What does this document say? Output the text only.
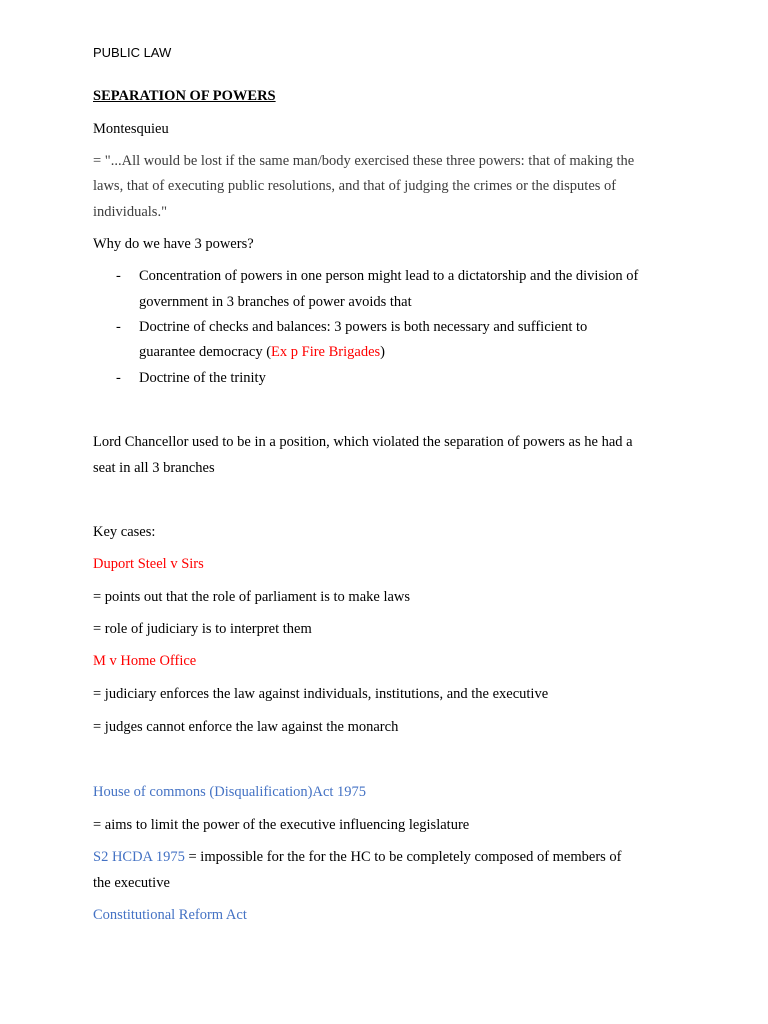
PUBLIC LAW
SEPARATION OF POWERS
Montesquieu
= "...All would be lost if the same man/body exercised these three powers: that of making the
laws, that of executing public resolutions, and that of judging the crimes or the disputes of
individuals."
Why do we have 3 powers?
- Concentration of powers in one person might lead to a dictatorship and the division of
government in 3 branches of power avoids that
- Doctrine of checks and balances: 3 powers is both necessary and sufficient to
guarantee democracy (Ex p Fire Brigades)
- Doctrine of the trinity
Lord Chancellor used to be in a position, which violated the separation of powers as he had a
seat in all 3 branches
Key cases:
Duport Steel v Sirs
= points out that the role of parliament is to make laws
= role of judiciary is to interpret them
M v Home Office
= judiciary enforces the law against individuals, institutions, and the executive
= judges cannot enforce the law against the monarch
House of commons (Disqualification)Act 1975
= aims to limit the power of the executive influencing legislature
S2 HCDA 1975 = impossible for the for the HC to be completely composed of members of
the executive
Constitutional Reform Act
